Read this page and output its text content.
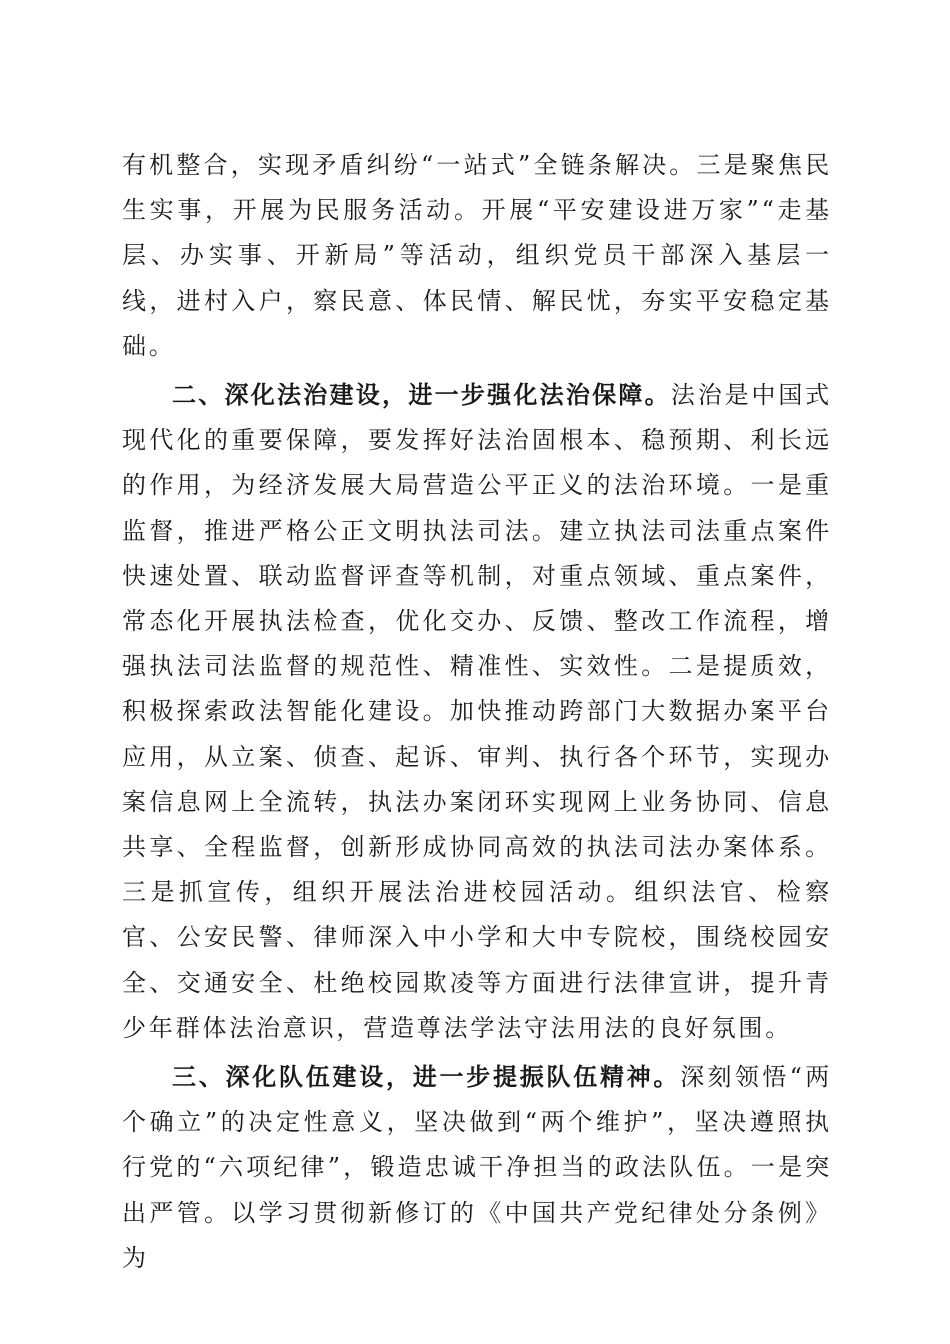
有机整合，实现矛盾纠纷“一站式”全链条解决。三是聚焦民生实事，开展为民服务活动。开展“平安建设进万家”“走基层、办实事、开新局”等活动，组织党员干部深入基层一线，进村入户，察民意、体民情、解民忧，夯实平安稳定基础。

二、深化法治建设，进一步强化法治保障。法治是中国式现代化的重要保障，要发挥好法治固根本、稳预期、利长远的作用，为经济发展大局营造公平正义的法治环境。一是重监督，推进严格公正文明执法司法。建立执法司法重点案件快速处置、联动监督评查等机制，对重点领域、重点案件，常态化开展执法检查，优化交办、反馈、整改工作流程，增强执法司法监督的规范性、精准性、实效性。二是提质效，积极探索政法智能化建设。加快推动跨部门大数据办案平台应用，从立案、侦查、起诉、审判、执行各个环节，实现办案信息网上全流转，执法办案闭环实现网上业务协同、信息共享、全程监督，创新形成协同高效的执法司法办案体系。三是抓宣传，组织开展法治进校园活动。组织法官、检察官、公安民警、律师深入中小学和大中专院校，围绕校园安全、交通安全、杜绝校园欺凌等方面进行法律宣讲，提升青少年群体法治意识，营造尊法学法守法用法的良好氛围。

三、深化队伍建设，进一步提振队伍精神。深刻领悟“两个确立”的决定性意义，坚决做到“两个维护”，坚决遵照执行党的“六项纪律”，锻造忠诚干净担当的政法队伍。一是突出严管。以学习贯彻新修订的《中国共产党纪律处分条例》为
